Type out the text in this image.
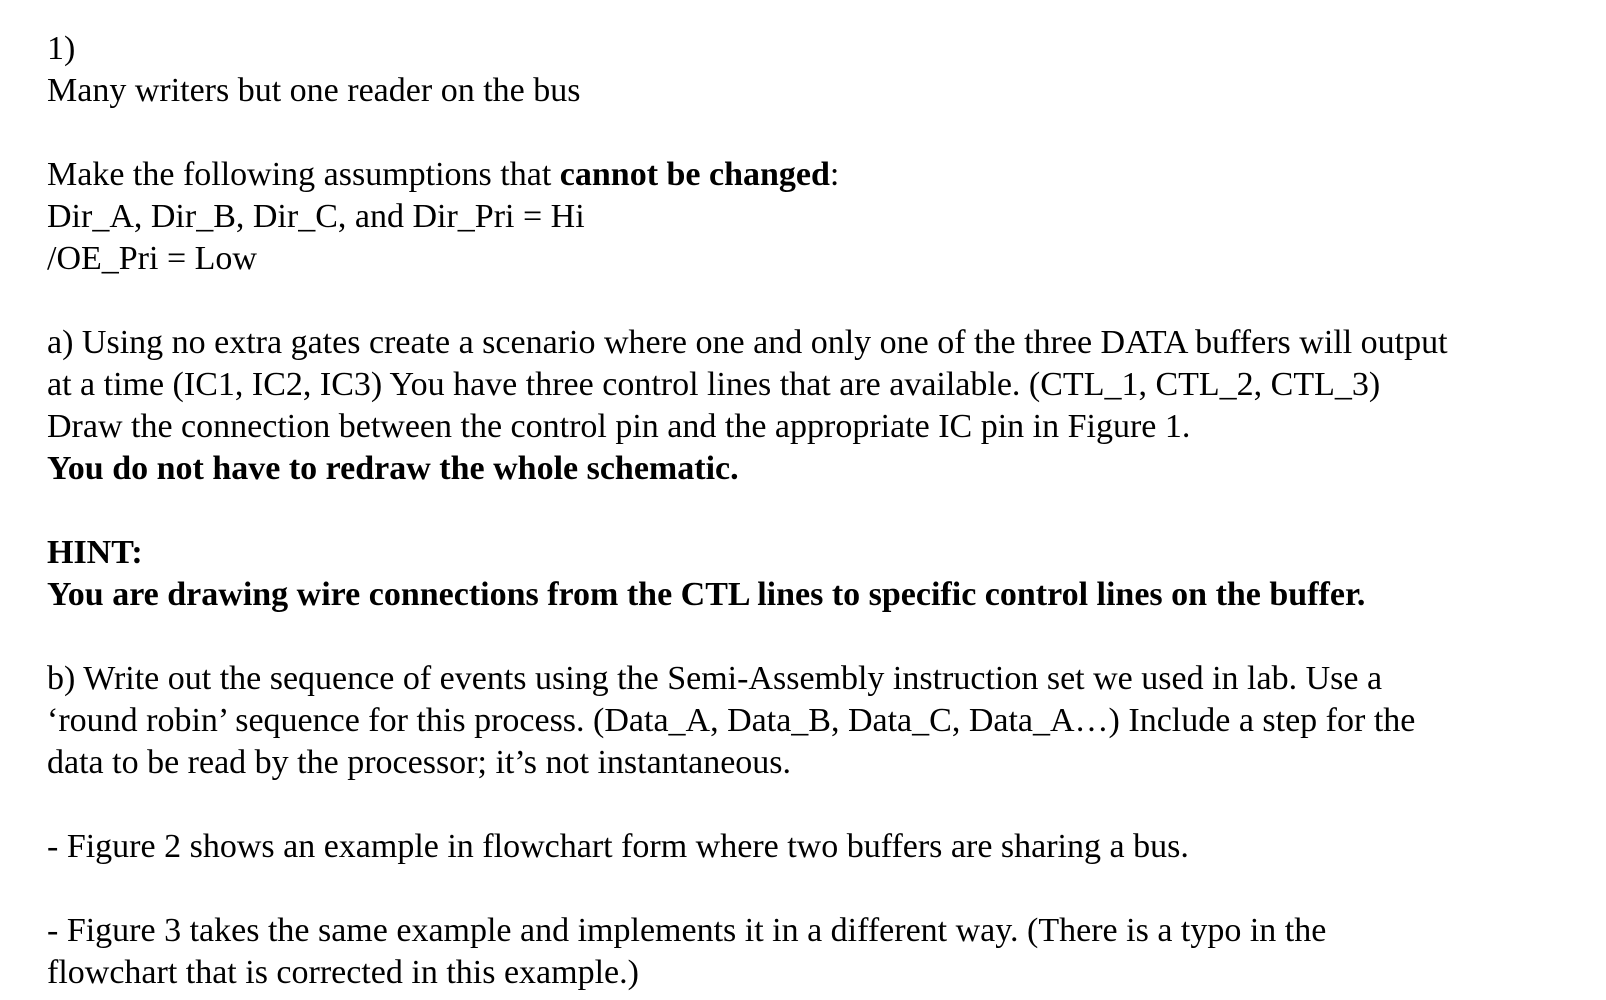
1)
Many writers but one reader on the bus
Make the following assumptions that cannot be changed:
Dir_A, Dir_B, Dir_C, and Dir_Pri = Hi
/OE_Pri = Low
a) Using no extra gates create a scenario where one and only one of the three DATA buffers will output
at a time (IC1, IC2, IC3) You have three control lines that are available. (CTL_1, CTL_2, CTL_3)
Draw the connection between the control pin and the appropriate IC pin in Figure 1.
You do not have to redraw the whole schematic.
HINT:
You are drawing wire connections from the CTL lines to specific control lines on the buffer.
b) Write out the sequence of events using the Semi-Assembly instruction set we used in lab. Use a
‘round robin’ sequence for this process. (Data_A, Data_B, Data_C, Data_A…) Include a step for the
data to be read by the processor; it’s not instantaneous.
- Figure 2 shows an example in flowchart form where two buffers are sharing a bus.
- Figure 3 takes the same example and implements it in a different way. (There is a typo in the
flowchart that is corrected in this example.)
